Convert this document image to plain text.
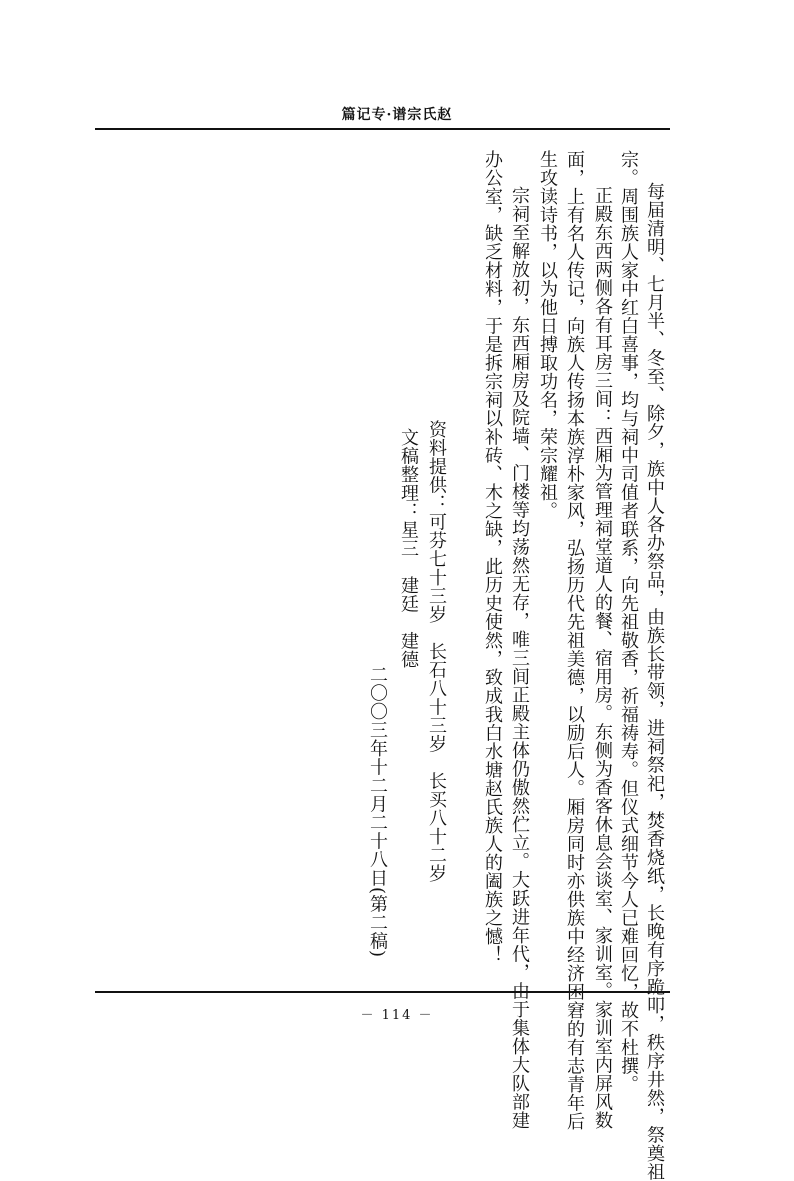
篇记专·谱宗氏赵
每届清明、七月半、冬至、除夕，族中人各办祭品，由族长带领，进祠祭祀，焚香烧纸，长晚有序跪叩，秩序井然，祭奠祖
宗。周围族人家中红白喜事，均与祠中司值者联系，向先祖敬香，祈福祷寿。但仪式细节今人已难回忆，故不杜撰。
正殿东西两侧各有耳房三间：西厢为管理祠堂道人的餐、宿用房。东侧为香客休息会谈室、家训室。家训室内屏风数
面，上有名人传记，向族人传扬本族淳朴家风，弘扬历代先祖美德，以励后人。厢房同时亦供族中经济困窘的有志青年后
生攻读诗书，以为他日搏取功名，荣宗耀祖。
宗祠至解放初，东西厢房及院墙、门楼等均荡然无存，唯三间正殿主体仍傲然伫立。大跃进年代，由于集体大队部建
办公室，缺乏材料，于是拆宗祠以补砖、木之缺，此历史使然，致成我白水塘赵氏族人的阖族之憾！
资料提供：可芬七十三岁　长石八十三岁　长买八十二岁
文稿整理：星三　建廷　建德
二〇〇三年十二月二十八日(第二稿)
－ 114 －
